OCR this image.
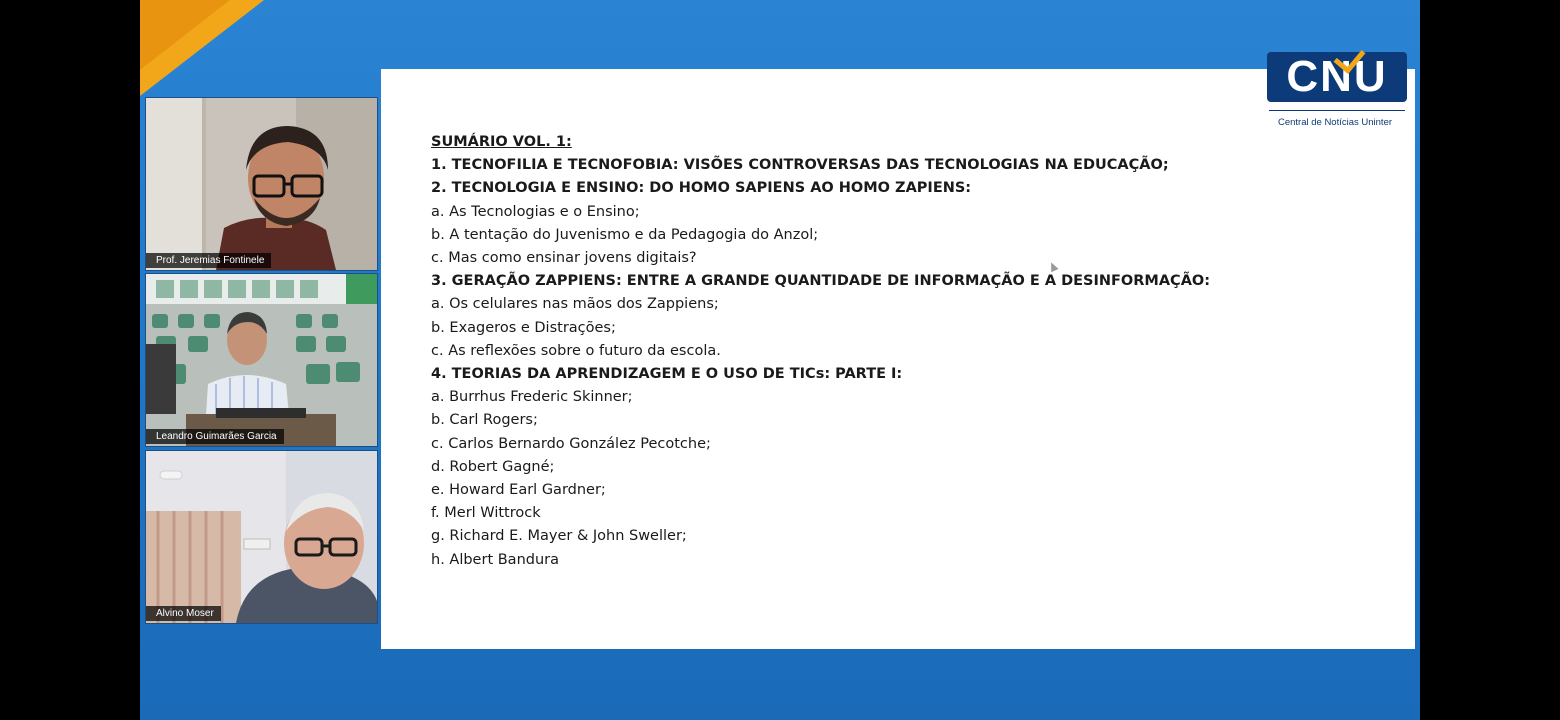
Prof. Jeremias Fontinele
Leandro Guimarães Garcia
Alvino Moser
SUMÁRIO VOL. 1:
1. TECNOFILIA E TECNOFOBIA: VISÕES CONTROVERSAS DAS TECNOLOGIAS NA EDUCAÇÃO;
2. TECNOLOGIA E ENSINO: DO HOMO SAPIENS AO HOMO ZAPIENS:
a. As Tecnologias e o Ensino;
b. A tentação do Juvenismo e da Pedagogia do Anzol;
c. Mas como ensinar jovens digitais?
3. GERAÇÃO ZAPPIENS: ENTRE A GRANDE QUANTIDADE DE INFORMAÇÃO E A DESINFORMAÇÃO:
a. Os celulares nas mãos dos Zappiens;
b. Exageros e Distrações;
c. As reflexões sobre o futuro da escola.
4. TEORIAS DA APRENDIZAGEM E O USO DE TICs: PARTE I:
a. Burrhus Frederic Skinner;
b. Carl Rogers;
c. Carlos Bernardo González Pecotche;
d. Robert Gagné;
e. Howard Earl Gardner;
f. Merl Wittrock
g. Richard E. Mayer & John Sweller;
h. Albert Bandura
CNU
Central de Notícias Uninter
